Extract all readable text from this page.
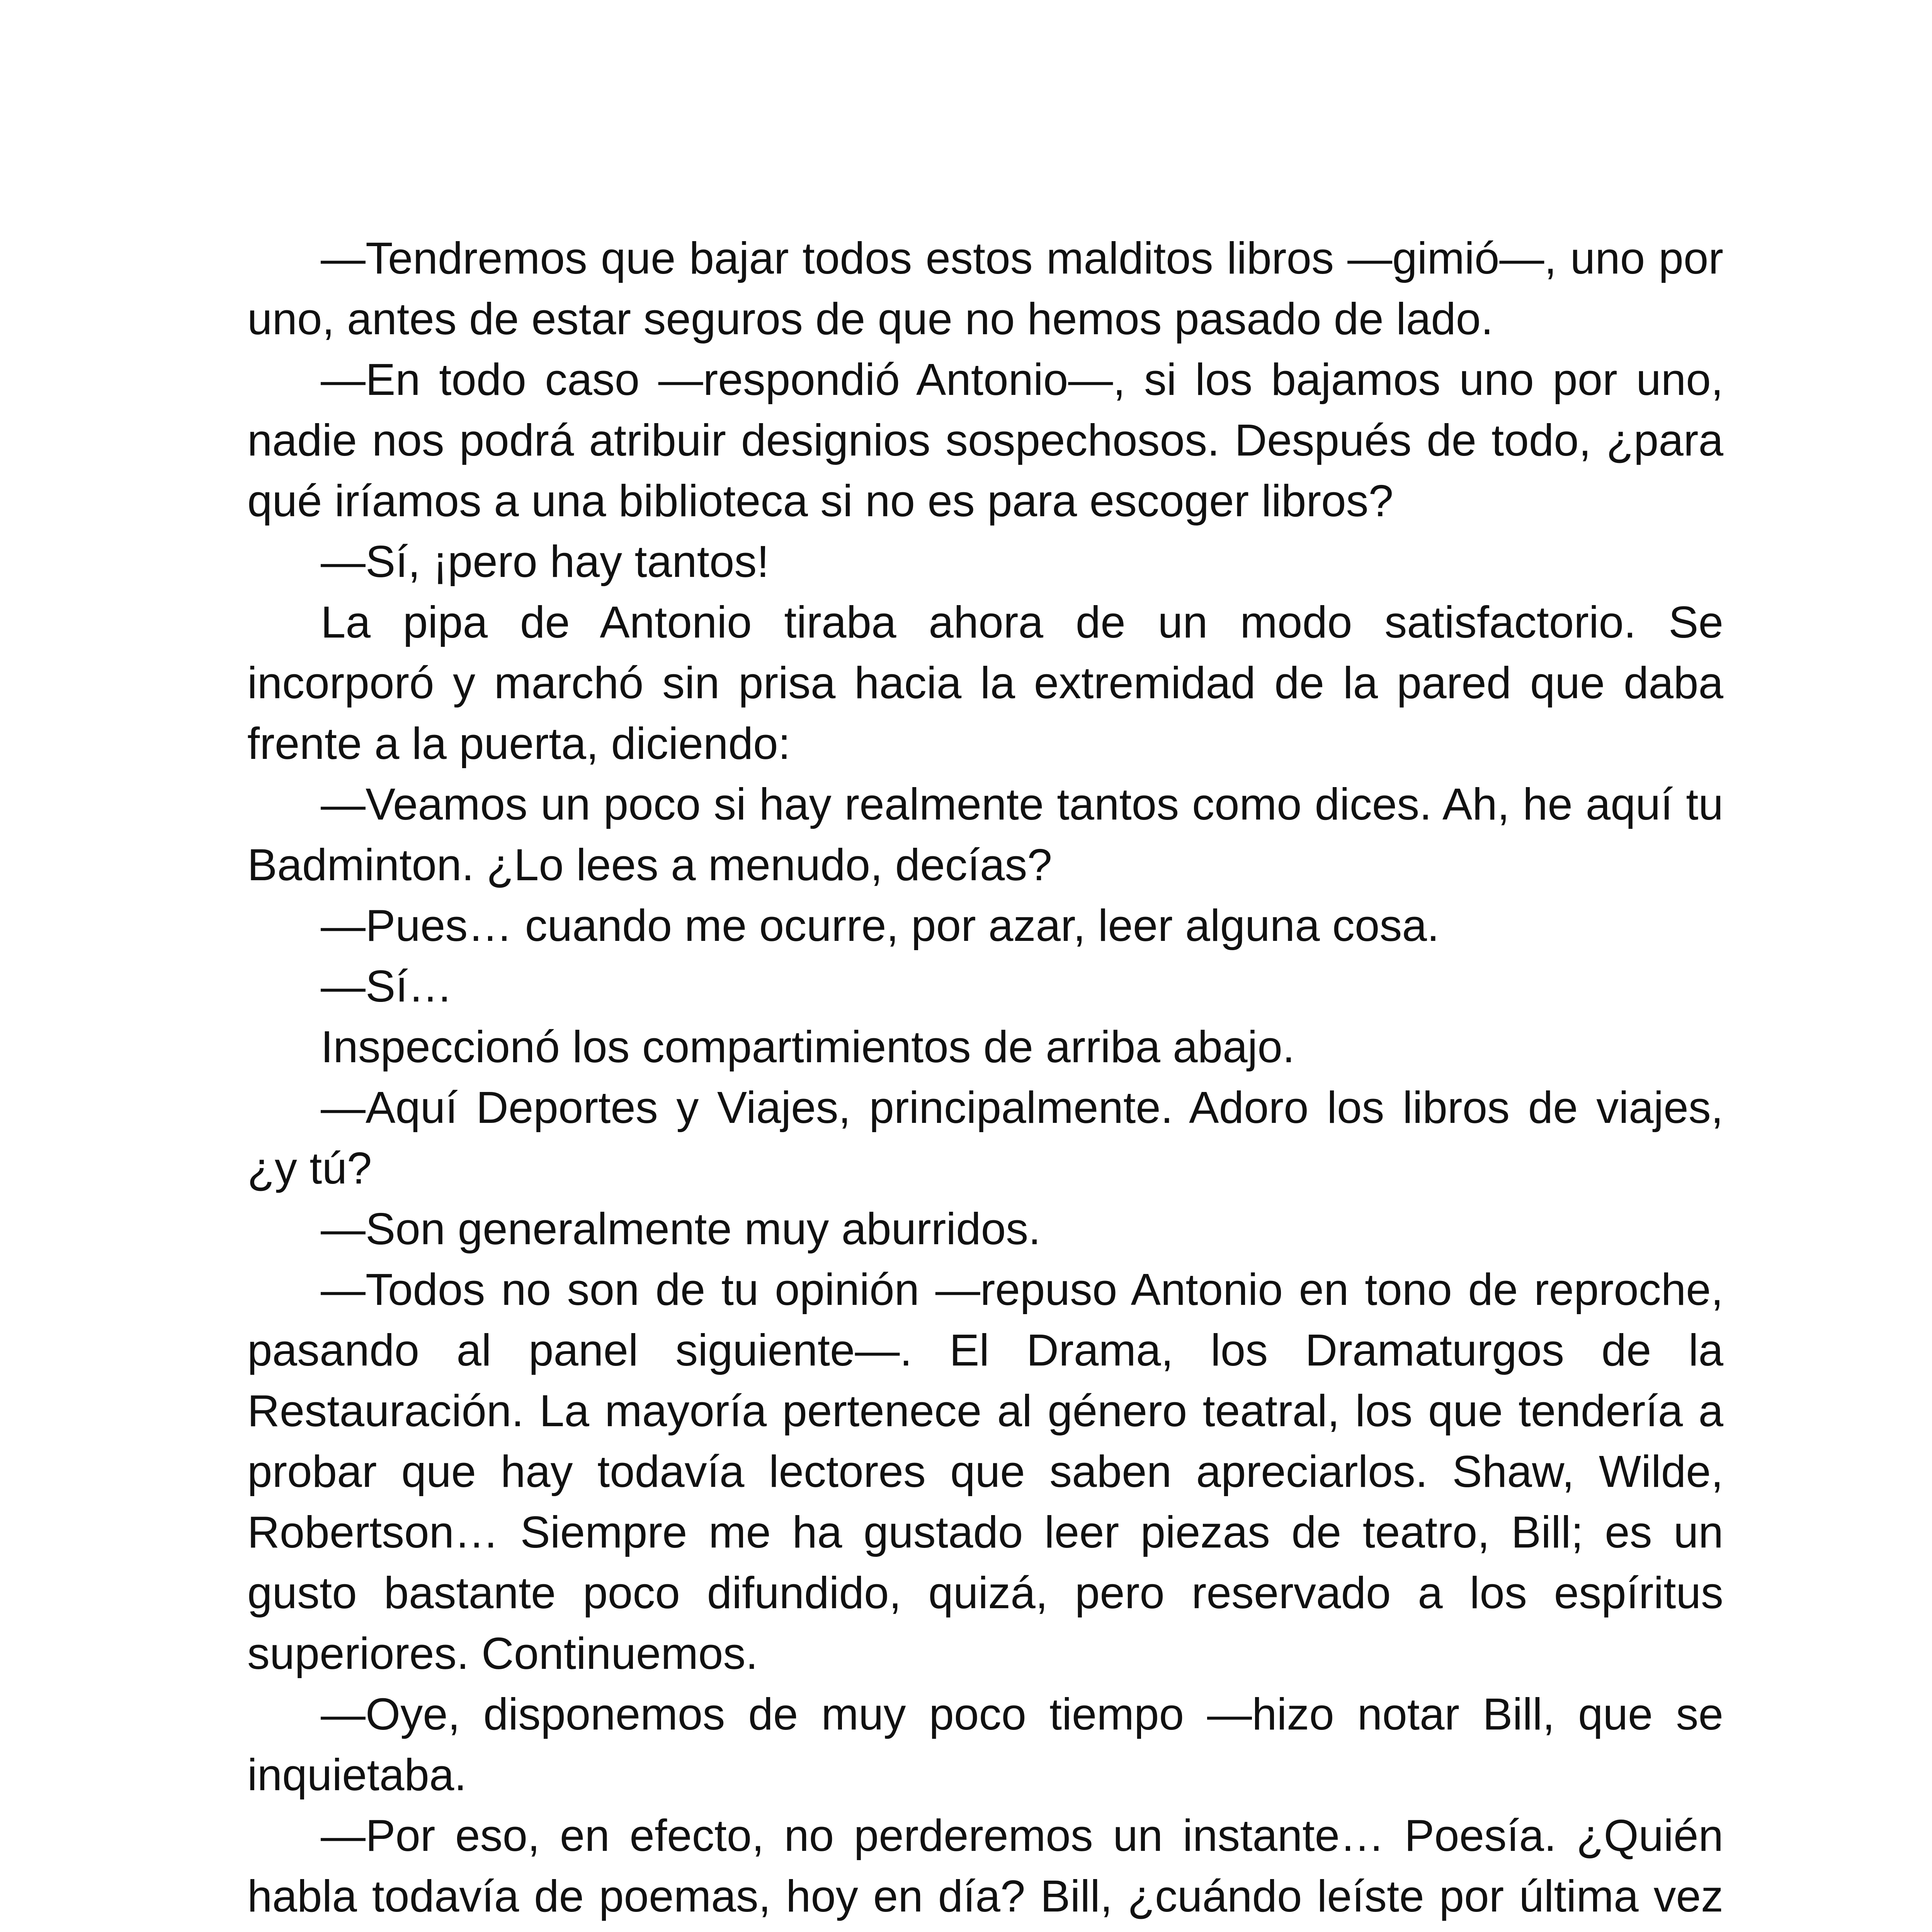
—Tendremos que bajar todos estos malditos libros —gimió—, uno por uno, antes de estar seguros de que no hemos pasado de lado.

—En todo caso —respondió Antonio—, si los bajamos uno por uno, nadie nos podrá atribuir designios sospechosos. Después de todo, ¿para qué iríamos a una biblioteca si no es para escoger libros?

—Sí, ¡pero hay tantos!

La pipa de Antonio tiraba ahora de un modo satisfactorio. Se incorporó y marchó sin prisa hacia la extremidad de la pared que daba frente a la puerta, diciendo:

—Veamos un poco si hay realmente tantos como dices. Ah, he aquí tu Badminton. ¿Lo lees a menudo, decías?

—Pues… cuando me ocurre, por azar, leer alguna cosa.

—Sí…

Inspeccionó los compartimientos de arriba abajo.

—Aquí Deportes y Viajes, principalmente. Adoro los libros de viajes, ¿y tú?

—Son generalmente muy aburridos.

—Todos no son de tu opinión —repuso Antonio en tono de reproche, pasando al panel siguiente—. El Drama, los Dramaturgos de la Restauración. La mayoría pertenece al género teatral, los que tendería a probar que hay todavía lectores que saben apreciarlos. Shaw, Wilde, Robertson… Siempre me ha gustado leer piezas de teatro, Bill; es un gusto bastante poco difundido, quizá, pero reservado a los espíritus superiores. Continuemos.

—Oye, disponemos de muy poco tiempo —hizo notar Bill, que se inquietaba.

—Por eso, en efecto, no perderemos un instante… Poesía. ¿Quién habla todavía de poemas, hoy en día? Bill, ¿cuándo leíste por última vez
